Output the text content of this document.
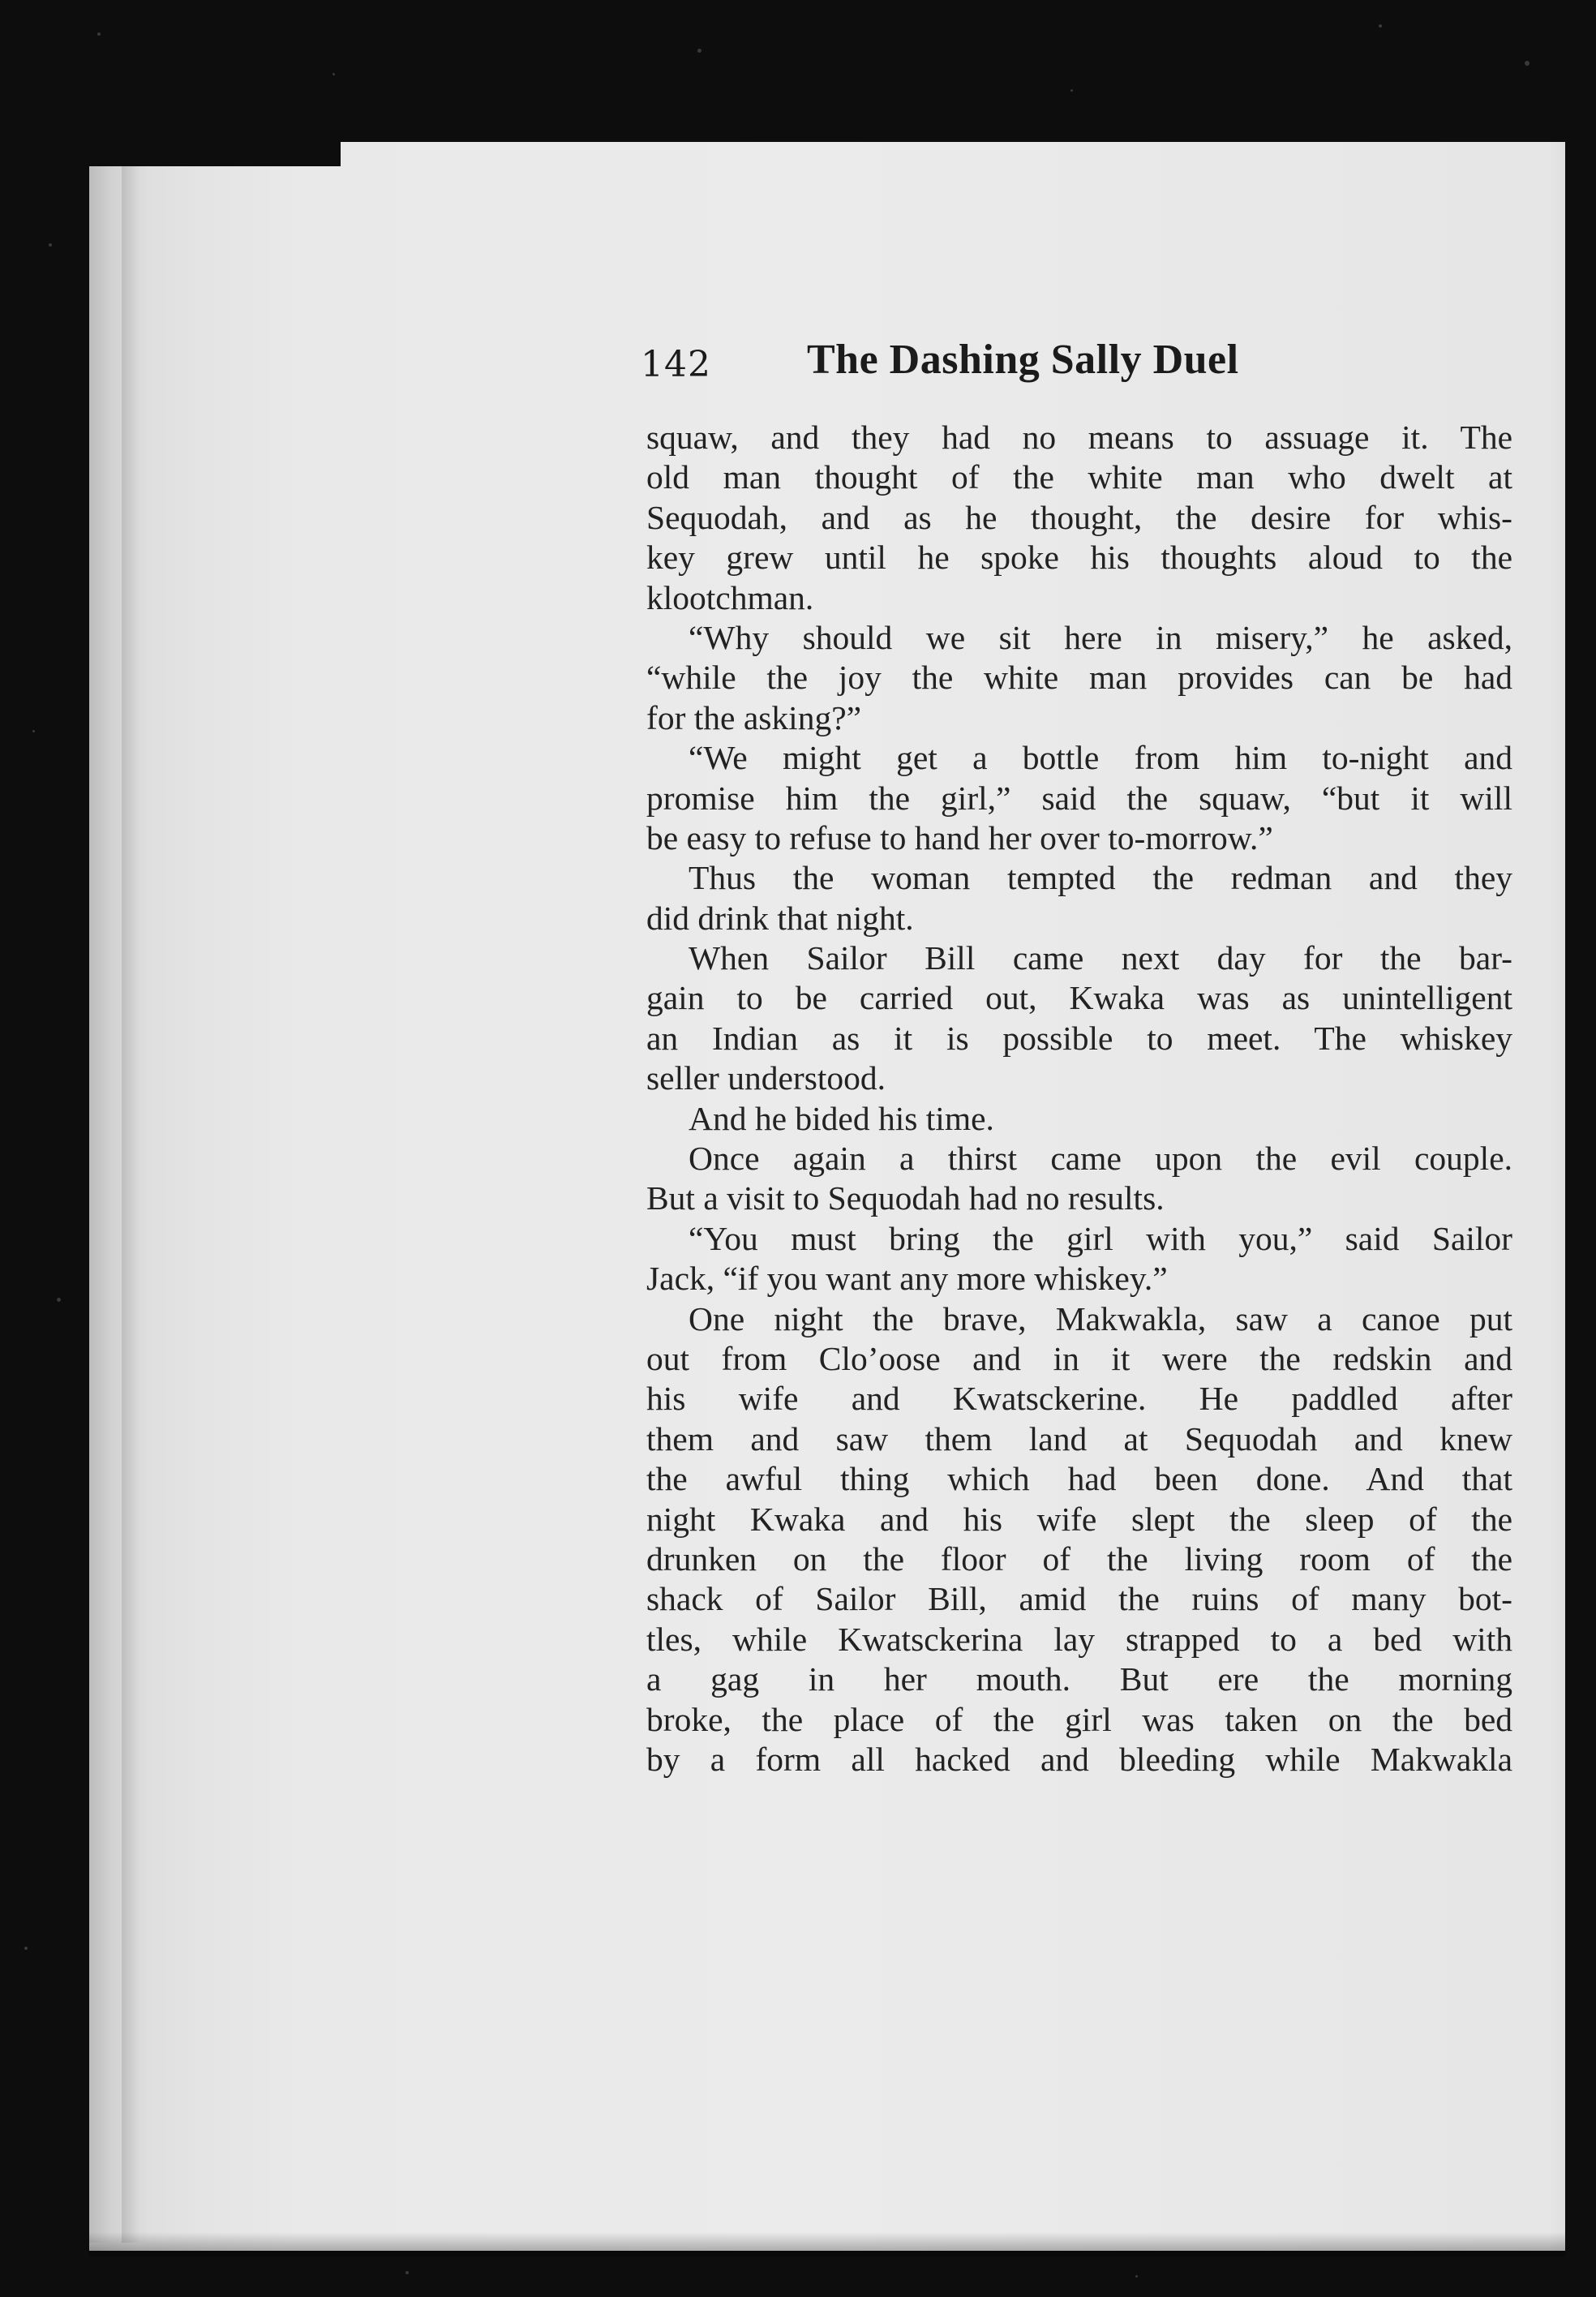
142 The Dashing Sally Duel
squaw, and they had no means to assuage it. The
old man thought of the white man who dwelt at
Sequodah, and as he thought, the desire for whis-
key grew until he spoke his thoughts aloud to the
klootchman.
“Why should we sit here in misery,” he asked,
“while the joy the white man provides can be had
for the asking?”
“We might get a bottle from him to-night and
promise him the girl,” said the squaw, “but it will
be easy to refuse to hand her over to-morrow.”
Thus the woman tempted the redman and they
did drink that night.
When Sailor Bill came next day for the bar-
gain to be carried out, Kwaka was as unintelligent
an Indian as it is possible to meet. The whiskey
seller understood.
And he bided his time.
Once again a thirst came upon the evil couple.
But a visit to Sequodah had no results.
“You must bring the girl with you,” said Sailor
Jack, “if you want any more whiskey.”
One night the brave, Makwakla, saw a canoe put
out from Clo’oose and in it were the redskin and
his wife and Kwatsckerine. He paddled after
them and saw them land at Sequodah and knew
the awful thing which had been done. And that
night Kwaka and his wife slept the sleep of the
drunken on the floor of the living room of the
shack of Sailor Bill, amid the ruins of many bot-
tles, while Kwatsckerina lay strapped to a bed with
a gag in her mouth. But ere the morning
broke, the place of the girl was taken on the bed
by a form all hacked and bleeding while Makwakla
